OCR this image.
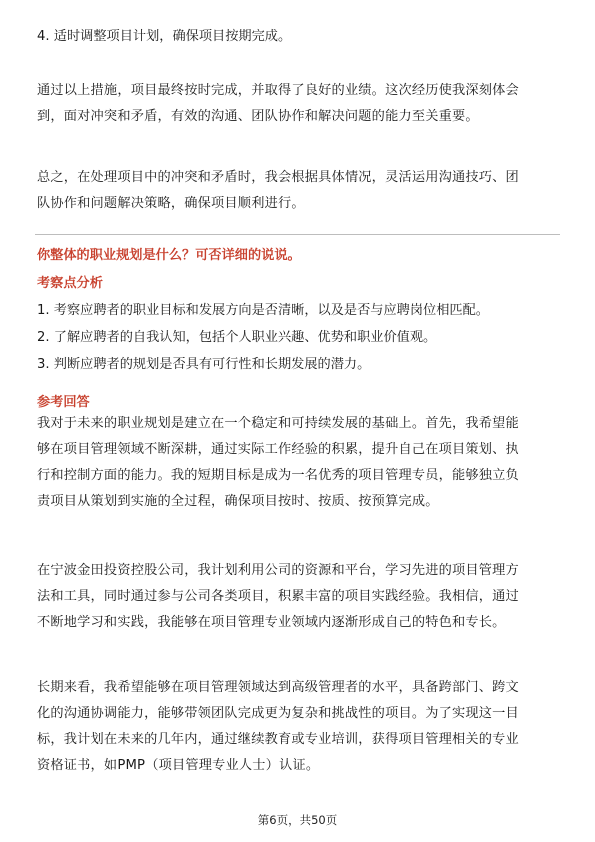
4. 适时调整项目计划，确保项目按期完成。
通过以上措施，项目最终按时完成，并取得了良好的业绩。这次经历使我深刻体会
到，面对冲突和矛盾，有效的沟通、团队协作和解决问题的能力至关重要。
总之，在处理项目中的冲突和矛盾时，我会根据具体情况，灵活运用沟通技巧、团
队协作和问题解决策略，确保项目顺利进行。
你整体的职业规划是什么？可否详细的说说。
考察点分析
1. 考察应聘者的职业目标和发展方向是否清晰，以及是否与应聘岗位相匹配。
2. 了解应聘者的自我认知，包括个人职业兴趣、优势和职业价值观。
3. 判断应聘者的规划是否具有可行性和长期发展的潜力。
参考回答
我对于未来的职业规划是建立在一个稳定和可持续发展的基础上。首先，我希望能
够在项目管理领域不断深耕，通过实际工作经验的积累，提升自己在项目策划、执
行和控制方面的能力。我的短期目标是成为一名优秀的项目管理专员，能够独立负
责项目从策划到实施的全过程，确保项目按时、按质、按预算完成。
在宁波金田投资控股公司，我计划利用公司的资源和平台，学习先进的项目管理方
法和工具，同时通过参与公司各类项目，积累丰富的项目实践经验。我相信，通过
不断地学习和实践，我能够在项目管理专业领域内逐渐形成自己的特色和专长。
长期来看，我希望能够在项目管理领域达到高级管理者的水平，具备跨部门、跨文
化的沟通协调能力，能够带领团队完成更为复杂和挑战性的项目。为了实现这一目
标，我计划在未来的几年内，通过继续教育或专业培训，获得项目管理相关的专业
资格证书，如PMP（项目管理专业人士）认证。
第6页，共50页
